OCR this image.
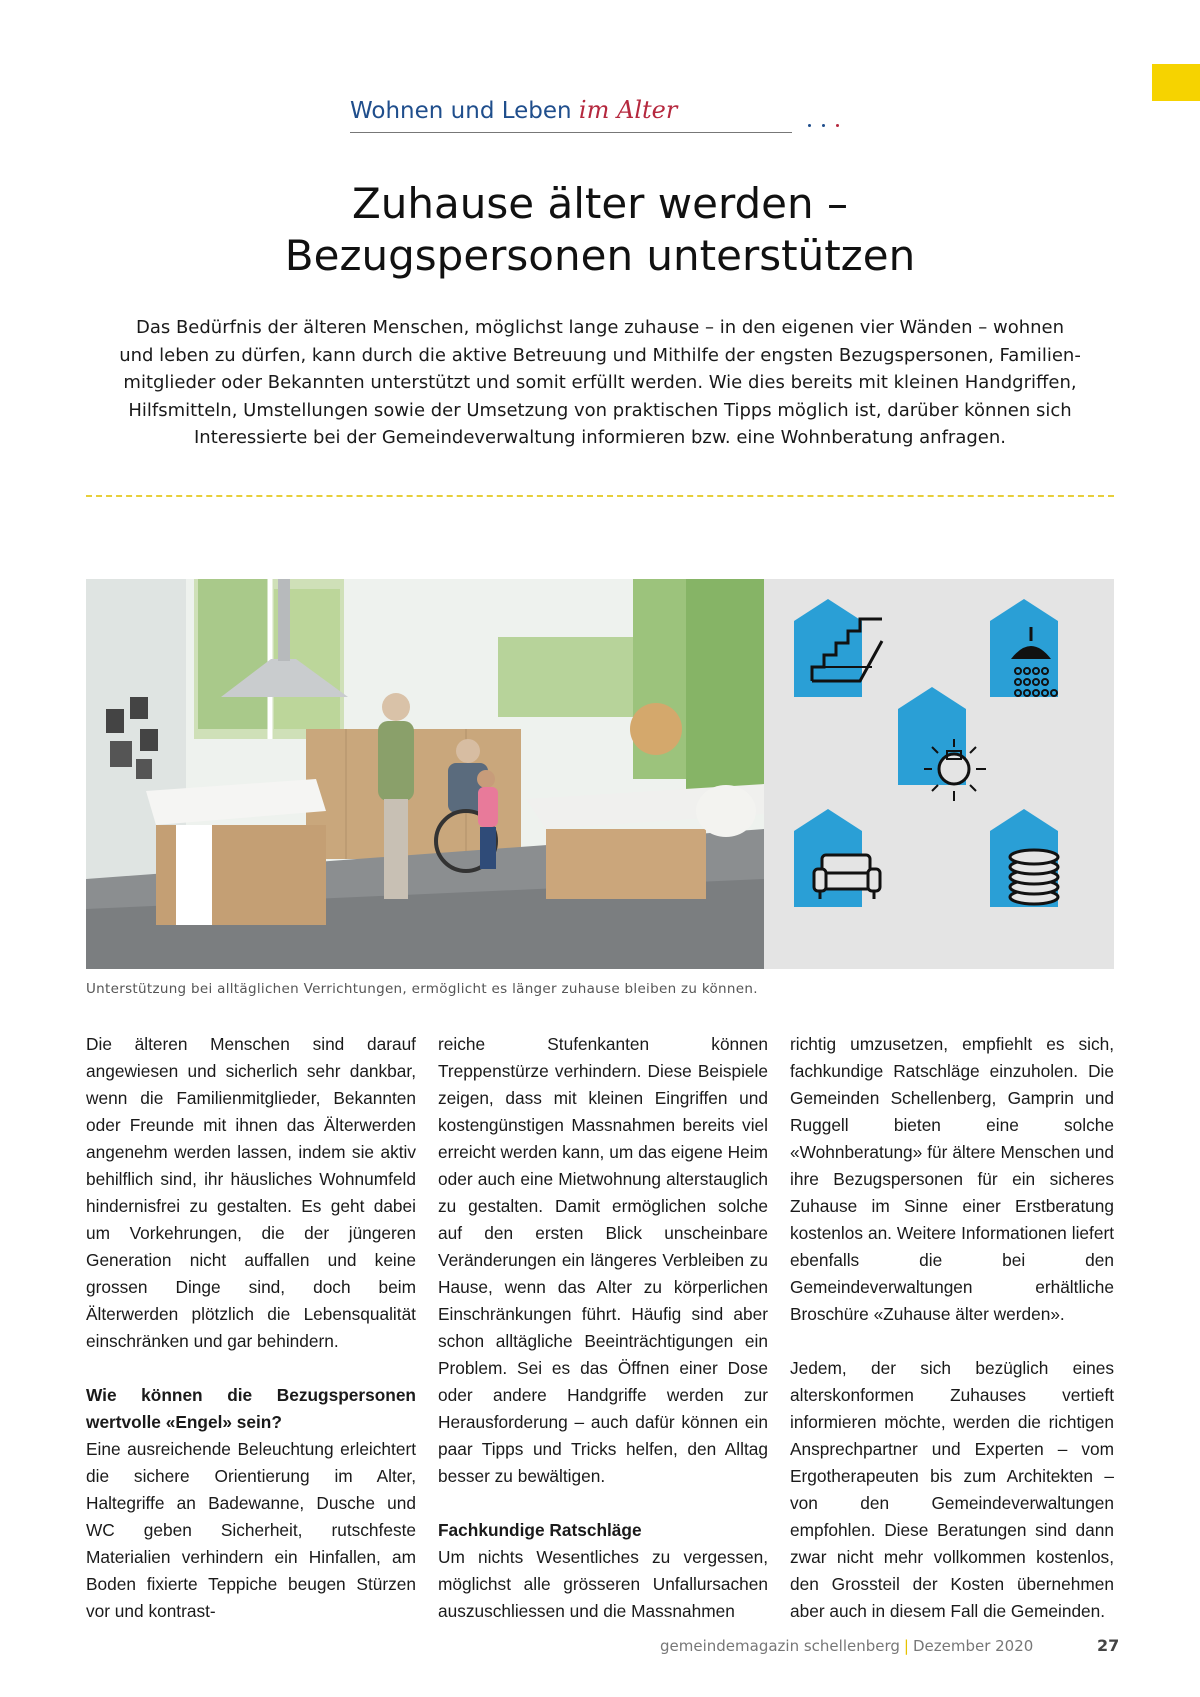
Wohnen und Leben im Alter
Zuhause älter werden –
Bezugspersonen unterstützen
Das Bedürfnis der älteren Menschen, möglichst lange zuhause – in den eigenen vier Wänden – wohnen
und leben zu dürfen, kann durch die aktive Betreuung und Mithilfe der engsten Bezugspersonen, Familien-
mitglieder oder Bekannten unterstützt und somit erfüllt werden. Wie dies bereits mit kleinen Handgriffen,
Hilfsmitteln, Umstellungen sowie der Umsetzung von praktischen Tipps möglich ist, darüber können sich
Interessierte bei der Gemeindeverwaltung informieren bzw. eine Wohnberatung anfragen.
Unterstützung bei alltäglichen Verrichtungen, ermöglicht es länger zuhause bleiben zu können.

Die älteren Menschen sind darauf angewiesen und sicherlich sehr dankbar, wenn die Familienmitglieder, Bekannten oder Freunde mit ihnen das Älterwerden angenehm werden lassen, indem sie aktiv behilflich sind, ihr häusliches Wohnumfeld hindernisfrei zu gestalten. Es geht dabei um Vorkehrungen, die der jüngeren Generation nicht auffallen und keine grossen Dinge sind, doch beim Älterwerden plötzlich die Lebensqualität einschränken und gar behindern.

Wie können die Bezugspersonen wertvolle «Engel» sein?

Eine ausreichende Beleuchtung erleichtert die sichere Orientierung im Alter, Haltegriffe an Badewanne, Dusche und WC geben Sicherheit, rutschfeste Materialien verhindern ein Hinfallen, am Boden fixierte Teppiche beugen Stürzen vor und kontrast-

reiche Stufenkanten können Treppenstürze verhindern. Diese Beispiele zeigen, dass mit kleinen Eingriffen und kostengünstigen Massnahmen bereits viel erreicht werden kann, um das eigene Heim oder auch eine Mietwohnung alterstauglich zu gestalten. Damit ermöglichen solche auf den ersten Blick unscheinbare Veränderungen ein längeres Verbleiben zu Hause, wenn das Alter zu körperlichen Einschränkungen führt. Häufig sind aber schon alltägliche Beeinträchtigungen ein Problem. Sei es das Öffnen einer Dose oder andere Handgriffe werden zur Herausforderung – auch dafür können ein paar Tipps und Tricks helfen, den Alltag besser zu bewältigen.

Fachkundige Ratschläge

Um nichts Wesentliches zu vergessen, möglichst alle grösseren Unfallursachen auszuschliessen und die Massnahmen

richtig umzusetzen, empfiehlt es sich, fachkundige Ratschläge einzuholen. Die Gemeinden Schellenberg, Gamprin und Ruggell bieten eine solche «Wohnberatung» für ältere Menschen und ihre Bezugspersonen für ein sicheres Zuhause im Sinne einer Erstberatung kostenlos an. Weitere Informationen liefert ebenfalls die bei den Gemeindeverwaltungen erhältliche Broschüre «Zuhause älter werden».

Jedem, der sich bezüglich eines alterskonformen Zuhauses vertieft informieren möchte, werden die richtigen Ansprechpartner und Experten – vom Ergotherapeuten bis zum Architekten – von den Gemeindeverwaltungen empfohlen. Diese Beratungen sind dann zwar nicht mehr vollkommen kostenlos, den Grossteil der Kosten übernehmen aber auch in diesem Fall die Gemeinden.

gemeindemagazin schellenberg | Dezember 2020	27
